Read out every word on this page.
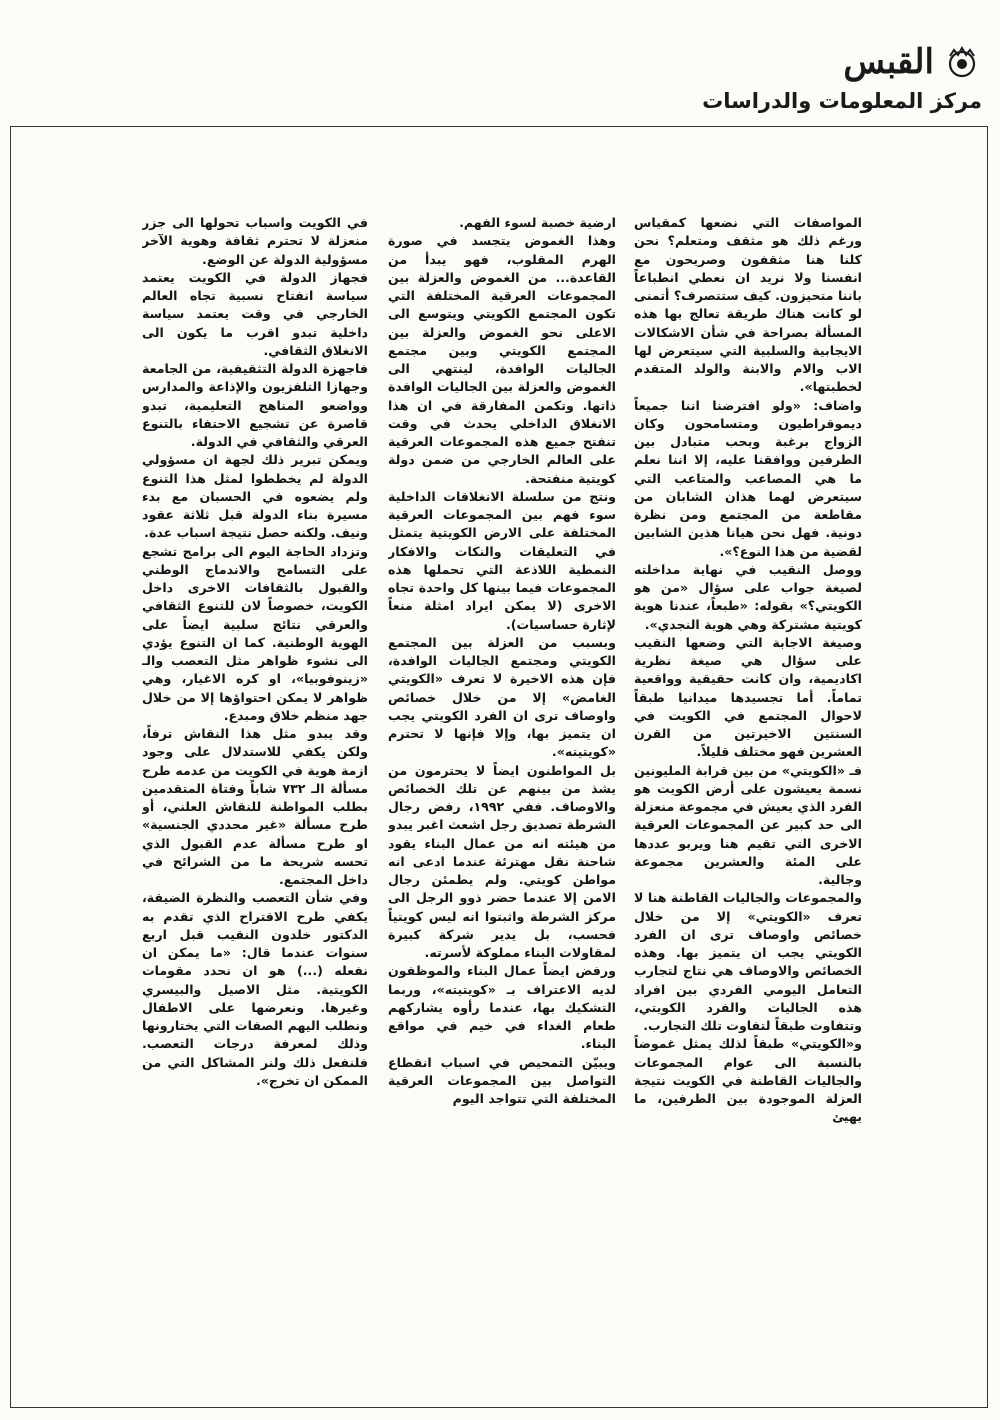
القبس
مركز المعلومات والدراسات

المواصفات التي نضعها كمقياس ورغم ذلك هو مثقف ومتعلم؟ نحن كلنا هنا مثقفون وصريحون مع انفسنا ولا نريد ان نعطي انطباعاً باننا متحيزون. كيف ستتصرف؟ أتمنى لو كانت هناك طريقة تعالج بها هذه المسألة بصراحة في شأن الاشكالات الايجابية والسلبية التي سيتعرض لها الاب والام والابنة والولد المتقدم لخطبتها».

واضاف: «ولو افترضنا اننا جميعاً ديموقراطيون ومتسامحون وكان الزواج برغبة وبحب متبادل بين الطرفين ووافقنا عليه، إلا اننا نعلم ما هي المصاعب والمتاعب التي سيتعرض لهما هذان الشابان من مقاطعة من المجتمع ومن نظرة دونية. فهل نحن هيانا هذين الشابين لقضية من هذا النوع؟».

ووصل النقيب في نهاية مداخلته لصيغة جواب على سؤال «من هو الكويتي؟» بقوله: «طبعاً، عندنا هوية كويتية مشتركة وهي هوية النجدي».

وصيغة الاجابة التي وضعها النقيب على سؤال هي صيغة نظرية اكاديمية، وان كانت حقيقية وواقعية تماماً. أما تجسيدها ميدانيا طبقاً لاحوال المجتمع في الكويت في السنتين الاخيرتين من القرن العشرين فهو مختلف قليلاً.

فـ «الكويتي» من بين قرابة المليونين نسمة يعيشون على أرض الكويت هو الفرد الذي يعيش في مجموعة منعزلة الى حد كبير عن المجموعات العرقية الاخرى التي تقيم هنا ويربو عددها على المئة والعشرين مجموعة وجالية.

والمجموعات والجاليات القاطنة هنا لا تعرف «الكويتي» إلا من خلال خصائص واوصاف ترى ان الفرد الكويتي يجب ان يتميز بها. وهذه الخصائص والاوصاف هي نتاج لتجارب التعامل اليومي الفردي بين افراد هذه الجاليات والفرد الكويتي، وتتفاوت طبقاً لتفاوت تلك التجارب.

و«الكويتي» طبقاً لذلك يمثل غموضاً بالنسبة الى عوام المجموعات والجاليات القاطنة في الكويت نتيجة العزلة الموجودة بين الطرفين، ما يهيئ

ارضية خصبة لسوء الفهم.

وهذا الغموض يتجسد في صورة الهرم المقلوب، فهو يبدأ من القاعدة... من الغموض والعزلة بين المجموعات العرقية المختلفة التي تكون المجتمع الكويتي ويتوسع الى الاعلى نحو الغموض والعزلة بين المجتمع الكويتي وبين مجتمع الجاليات الوافدة، لينتهي الى الغموض والعزلة بين الجاليات الوافدة ذاتها. وتكمن المفارقة في ان هذا الانغلاق الداخلي يحدث في وقت تنفتح جميع هذه المجموعات العرقية على العالم الخارجي من ضمن دولة كويتية منفتحة.

ونتج من سلسلة الانغلاقات الداخلية سوء فهم بين المجموعات العرقية المختلفة على الارض الكويتية يتمثل في التعليقات والنكات والافكار النمطية اللاذعة التي تحملها هذه المجموعات فيما بينها كل واحدة تجاه الاخرى (لا يمكن ايراد امثلة منعاً لإثارة حساسيات).

وبسبب من العزلة بين المجتمع الكويتي ومجتمع الجاليات الوافدة، فإن هذه الاخيرة لا تعرف «الكويتي الغامض» إلا من خلال خصائص واوصاف ترى ان الفرد الكويتي يجب ان يتميز بها، وإلا فإنها لا تحترم «كويتيته».

بل المواطنون ايضاً لا يحترمون من يشذ من بينهم عن تلك الخصائص والاوصاف. ففي ١٩٩٢، رفض رجال الشرطة تصديق رجل اشعث اغبر يبدو من هيئته انه من عمال البناء يقود شاحنة نقل مهترئة عندما ادعى انه مواطن كويتي. ولم يطمئن رجال الامن إلا عندما حضر ذوو الرجل الى مركز الشرطة واثبتوا انه ليس كويتياً فحسب، بل يدير شركة كبيرة لمقاولات البناء مملوكة لأسرته.

ورفض ايضاً عمال البناء والموظفون لديه الاعتراف بـ «كويتيته»، وربما التشكيك بها، عندما رأوه يشاركهم طعام الغداء في خيم في مواقع البناء.

ويبيّن التمحيص في اسباب انقطاع التواصل بين المجموعات العرقية المختلفة التي تتواجد اليوم

في الكويت واسباب تحولها الى جزر منعزلة لا تحترم ثقافة وهوية الآخر مسؤولية الدولة عن الوضع.

فجهاز الدولة في الكويت يعتمد سياسة انفتاح نسبية تجاه العالم الخارجي في وقت يعتمد سياسة داخلية تبدو اقرب ما يكون الى الانغلاق الثقافي.

فاجهزة الدولة التثقيفية، من الجامعة وجهازا التلفزيون والإذاعة والمدارس وواضعو المناهج التعليمية، تبدو قاصرة عن تشجيع الاحتفاء بالتنوع العرقي والثقافي في الدولة.

ويمكن تبرير ذلك لجهة ان مسؤولي الدولة لم يخططوا لمثل هذا التنوع ولم يضعوه في الحسبان مع بدء مسيرة بناء الدولة قبل ثلاثة عقود ونيف. ولكنه حصل نتيجة اسباب عدة.

وتزداد الحاجة اليوم الى برامج تشجع على التسامح والاندماج الوطني والقبول بالثقافات الاخرى داخل الكويت، خصوصاً لان للتنوع الثقافي والعرقي نتائج سلبية ايضاً على الهوية الوطنية. كما ان التنوع يؤدي الى نشوء ظواهر مثل التعصب والـ «زينوفوبيا»، او كره الاغيار، وهي ظواهر لا يمكن احتواؤها إلا من خلال جهد منظم خلاق ومبدع.

وقد يبدو مثل هذا النقاش ترفاً، ولكن يكفي للاستدلال على وجود ازمة هوية في الكويت من عدمه طرح مسألة الـ ٧٣٢ شاباً وفتاة المتقدمين بطلب المواطنة للنقاش العلني، أو طرح مسألة «غير محددي الجنسية» او طرح مسألة عدم القبول الذي تحسه شريحة ما من الشرائح في داخل المجتمع.

وفي شأن التعصب والنظرة الضيقة، يكفي طرح الاقتراح الذي تقدم به الدكتور خلدون النقيب قبل اربع سنوات عندما قال: «ما يمكن ان نفعله (...) هو ان نحدد مقومات الكويتية. مثل الاصيل والبيسري وغيرها. ونعرضها على الاطفال ونطلب اليهم الصفات التي يختارونها وذلك لمعرفة درجات التعصب. فلنفعل ذلك ولنر المشاكل التي من الممكن ان تخرج».
